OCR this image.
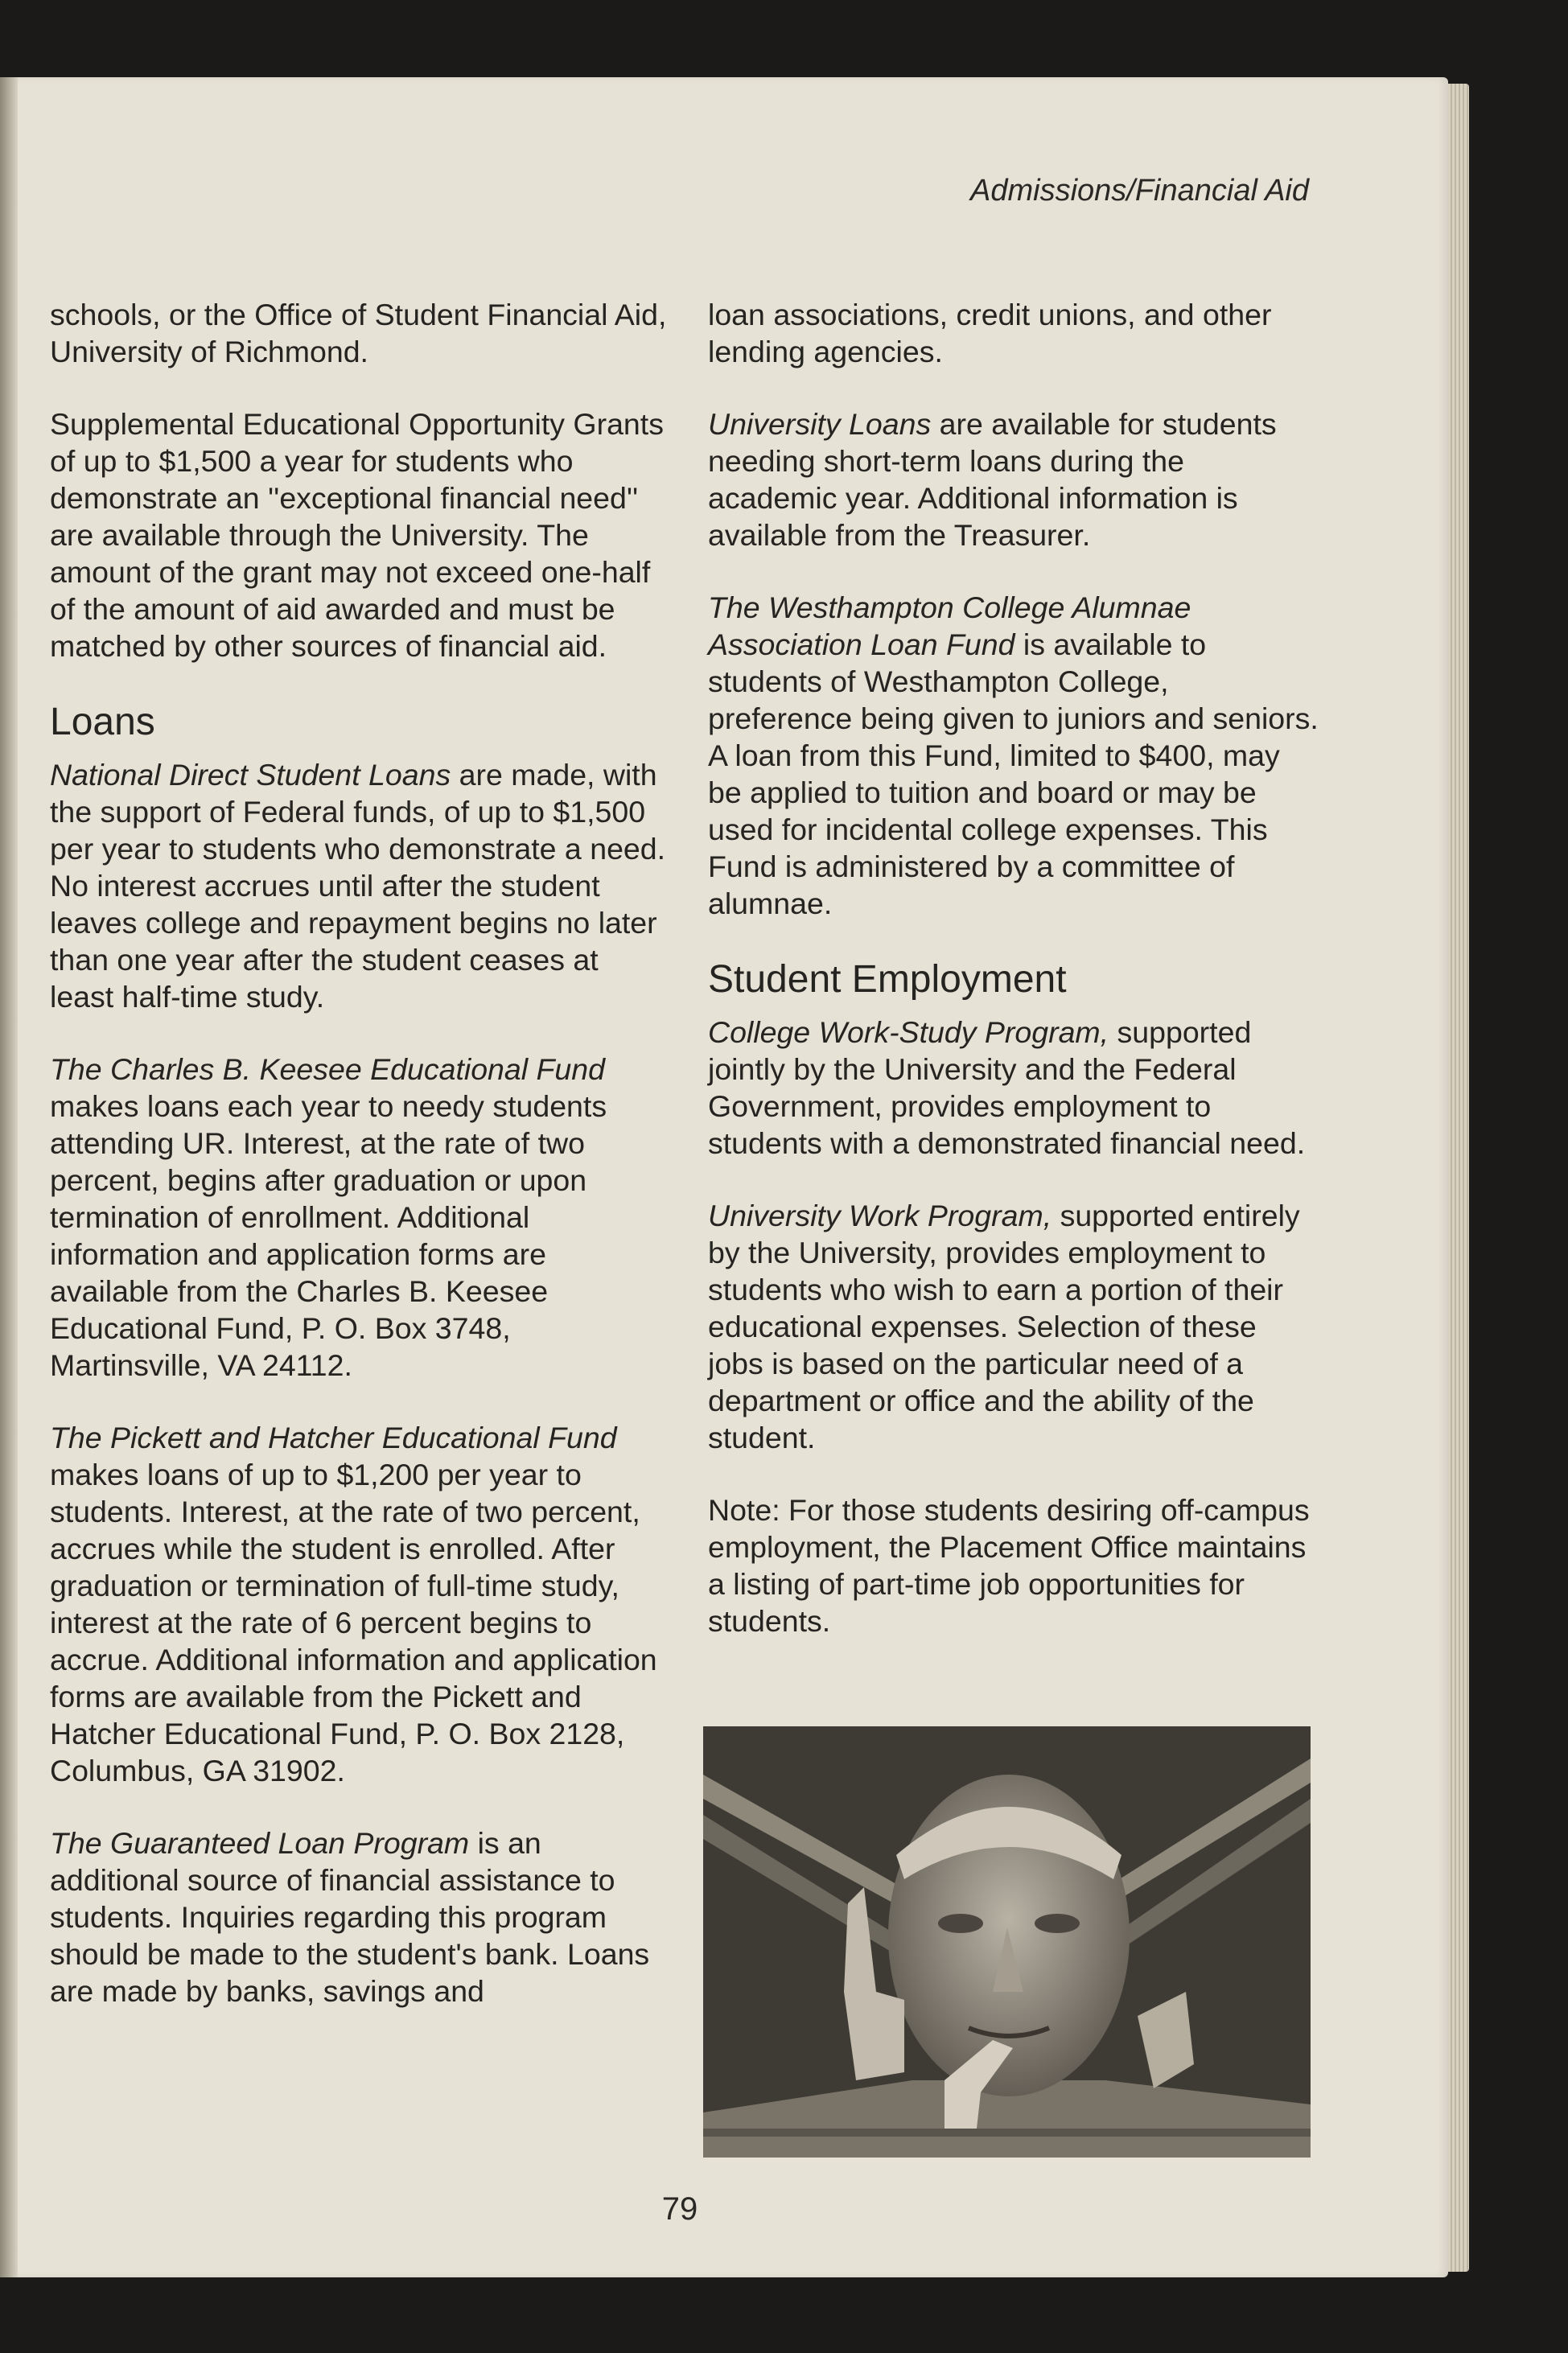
Admissions/Financial Aid

schools, or the Office of Student Financial Aid, University of Richmond.

Supplemental Educational Opportunity Grants of up to $1,500 a year for students who demonstrate an ''exceptional financial need'' are available through the University. The amount of the grant may not exceed one-half of the amount of aid awarded and must be matched by other sources of financial aid.

Loans

National Direct Student Loans are made, with the support of Federal funds, of up to $1,500 per year to students who demonstrate a need. No interest accrues until after the student leaves college and repayment begins no later than one year after the student ceases at least half-time study.

The Charles B. Keesee Educational Fund makes loans each year to needy students attending UR. Interest, at the rate of two percent, begins after graduation or upon termination of enrollment. Additional information and application forms are available from the Charles B. Keesee Educational Fund, P. O. Box 3748, Martinsville, VA 24112.

The Pickett and Hatcher Educational Fund makes loans of up to $1,200 per year to students. Interest, at the rate of two percent, accrues while the student is enrolled. After graduation or termination of full-time study, interest at the rate of 6 percent begins to accrue. Additional information and application forms are available from the Pickett and Hatcher Educational Fund, P. O. Box 2128, Columbus, GA 31902.

The Guaranteed Loan Program is an additional source of financial assistance to students. Inquiries regarding this program should be made to the student's bank. Loans are made by banks, savings and

loan associations, credit unions, and other lending agencies.

University Loans are available for students needing short-term loans during the academic year. Additional information is available from the Treasurer.

The Westhampton College Alumnae Association Loan Fund is available to students of Westhampton College, preference being given to juniors and seniors. A loan from this Fund, limited to $400, may be applied to tuition and board or may be used for incidental college expenses. This Fund is administered by a committee of alumnae.

Student Employment

College Work-Study Program, supported jointly by the University and the Federal Government, provides employment to students with a demonstrated financial need.

University Work Program, supported entirely by the University, provides employment to students who wish to earn a portion of their educational expenses. Selection of these jobs is based on the particular need of a department or office and the ability of the student.

Note: For those students desiring off-campus employment, the Placement Office maintains a listing of part-time job opportunities for students.

79
